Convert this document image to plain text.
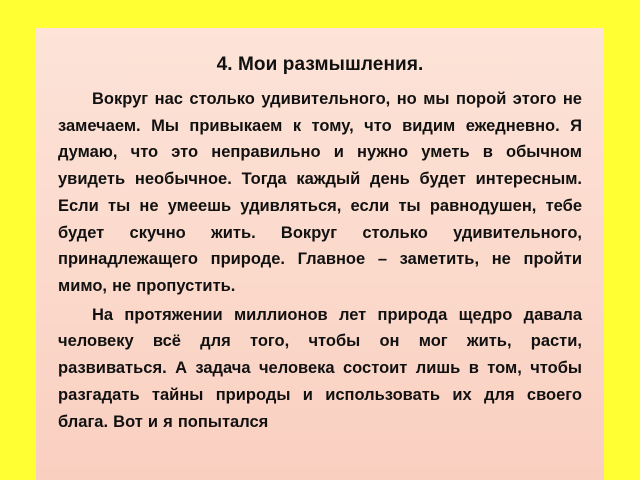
4. Мои размышления.

Вокруг нас столько удивительного, но мы порой этого не замечаем. Мы привыкаем к тому, что видим ежедневно. Я думаю, что это неправильно и нужно уметь в обычном увидеть необычное. Тогда каждый день будет интересным. Если ты не умеешь удивляться, если ты равнодушен, тебе будет скучно жить. Вокруг столько удивительного, принадлежащего природе. Главное – заметить, не пройти мимо, не пропустить.

На протяжении миллионов лет природа щедро давала человеку всё для того, чтобы он мог жить, расти, развиваться. А задача человека состоит лишь в том, чтобы разгадать тайны природы и использовать их для своего блага. Вот и я попытался
